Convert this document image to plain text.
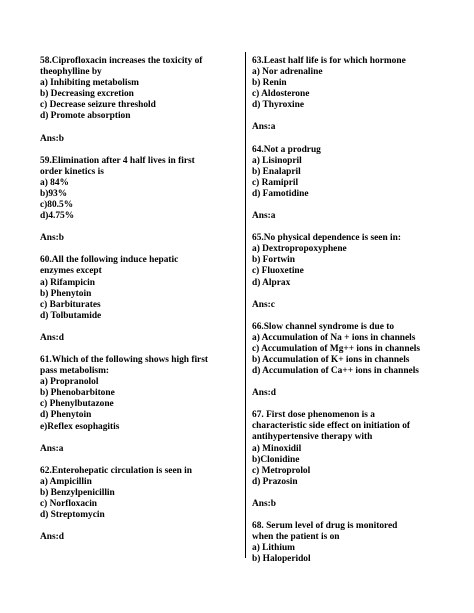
58.Ciprofloxacin increases the toxicity of
theophylline by
a) Inhibiting metabolism
b) Decreasing excretion
c) Decrease seizure threshold
d) Promote absorption
Ans:b
59.Elimination after 4 half lives in first
order kinetics is
a) 84%
b)93%
c)80.5%
d)4.75%
Ans:b
60.All the following induce hepatic
enzymes except
a) Rifampicin
b) Phenytoin
c) Barbiturates
d) Tolbutamide
Ans:d
61.Which of the following shows high first
pass metabolism:
a) Propranolol
b) Phenobarbitone
c) Phenylbutazone
d) Phenytoin
e)Reflex esophagitis
Ans:a
62.Enterohepatic circulation is seen in
a) Ampicillin
b) Benzylpenicillin
c) Norfloxacin
d) Streptomycin
Ans:d
63.Least half life is for which hormone
a) Nor adrenaline
b) Renin
c) Aldosterone
d) Thyroxine
Ans:a
64.Not a prodrug
a) Lisinopril
b) Enalapril
c) Ramipril
d) Famotidine
Ans:a
65.No physical dependence is seen in:
a) Dextropropoxyphene
b) Fortwin
c) Fluoxetine
d) Alprax
Ans:c
66.Slow channel syndrome is due to
a) Accumulation of Na + ions in channels
c) Accumulation of Mg++ ions in channels
b) Accumulation of K+ ions in channels
d) Accumulation of Ca++ ions in channels
Ans:d
67. First dose phenomenon is a
characteristic side effect on initiation of
antihypertensive therapy with
a) Minoxidil
b)Clonidine
c) Metroprolol
d) Prazosin
Ans:b
68. Serum level of drug is monitored
when the patient is on
a) Lithium
b) Haloperidol
